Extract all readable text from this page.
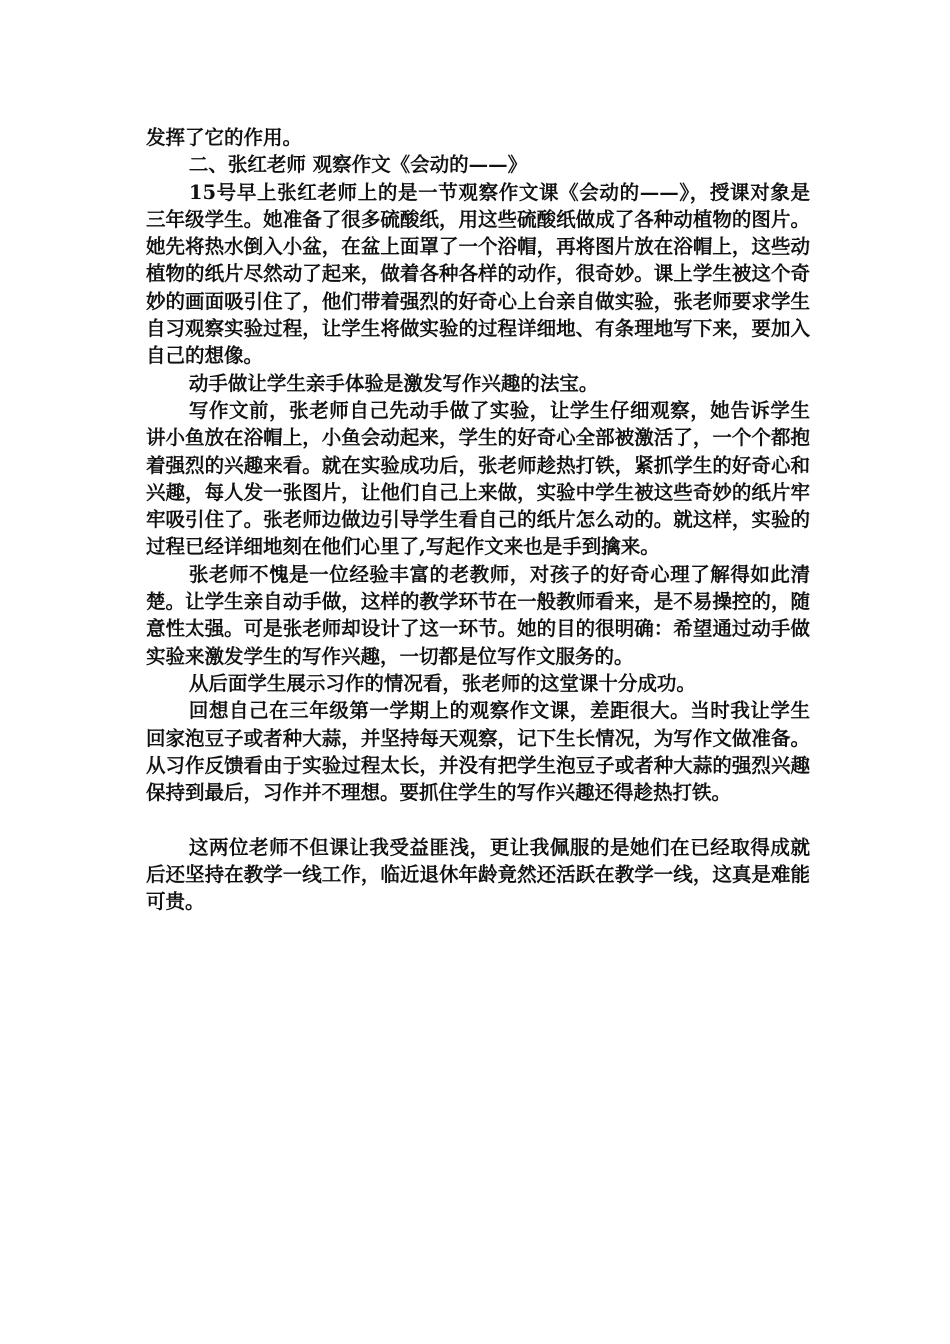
发挥了它的作用。

二、张红老师 观察作文《会动的——》

15号早上张红老师上的是一节观察作文课《会动的——》，授课对象是三年级学生。她准备了很多硫酸纸，用这些硫酸纸做成了各种动植物的图片。她先将热水倒入小盆，在盆上面罩了一个浴帽，再将图片放在浴帽上，这些动植物的纸片尽然动了起来，做着各种各样的动作，很奇妙。课上学生被这个奇妙的画面吸引住了，他们带着强烈的好奇心上台亲自做实验，张老师要求学生自习观察实验过程，让学生将做实验的过程详细地、有条理地写下来，要加入自己的想像。

动手做让学生亲手体验是激发写作兴趣的法宝。

写作文前，张老师自己先动手做了实验，让学生仔细观察，她告诉学生讲小鱼放在浴帽上，小鱼会动起来，学生的好奇心全部被激活了，一个个都抱着强烈的兴趣来看。就在实验成功后，张老师趁热打铁，紧抓学生的好奇心和兴趣，每人发一张图片，让他们自己上来做，实验中学生被这些奇妙的纸片牢牢吸引住了。张老师边做边引导学生看自己的纸片怎么动的。就这样，实验的过程已经详细地刻在他们心里了,写起作文来也是手到擒来。

张老师不愧是一位经验丰富的老教师，对孩子的好奇心理了解得如此清楚。让学生亲自动手做，这样的教学环节在一般教师看来，是不易操控的，随意性太强。可是张老师却设计了这一环节。她的目的很明确：希望通过动手做实验来激发学生的写作兴趣，一切都是位写作文服务的。

从后面学生展示习作的情况看，张老师的这堂课十分成功。

回想自己在三年级第一学期上的观察作文课，差距很大。当时我让学生回家泡豆子或者种大蒜，并坚持每天观察，记下生长情况，为写作文做准备。从习作反馈看由于实验过程太长，并没有把学生泡豆子或者种大蒜的强烈兴趣保持到最后，习作并不理想。要抓住学生的写作兴趣还得趁热打铁。

这两位老师不但课让我受益匪浅，更让我佩服的是她们在已经取得成就后还坚持在教学一线工作，临近退休年龄竟然还活跃在教学一线，这真是难能可贵。
